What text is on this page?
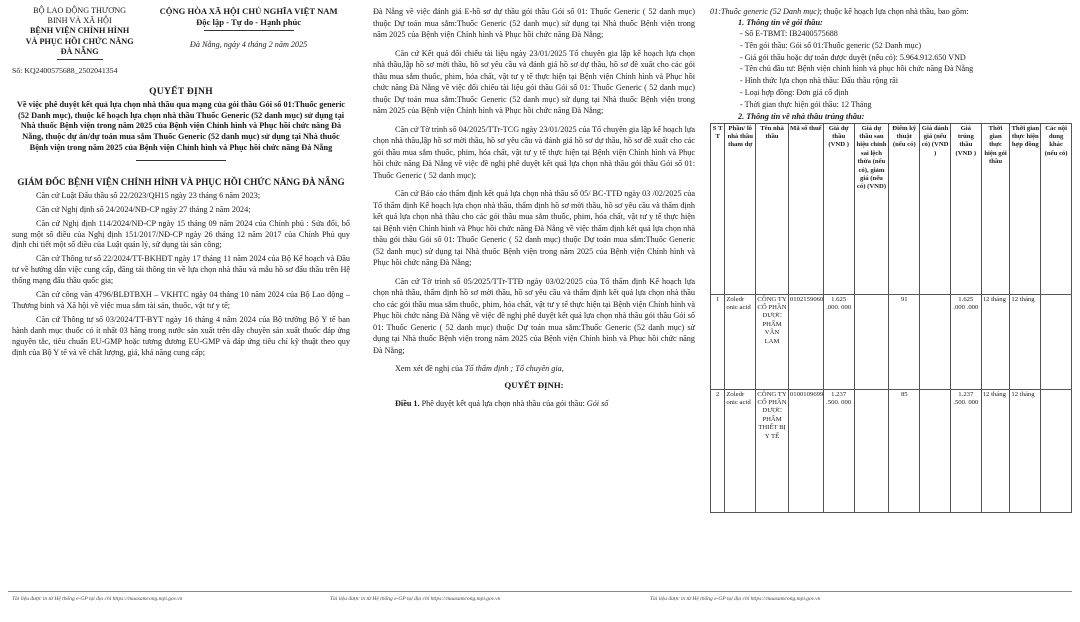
BỘ LAO ĐỘNG THƯƠNG
BINH VÀ XÃ HỘI
BỆNH VIỆN CHỈNH HÌNH
VÀ PHỤC HỒI CHỨC NĂNG
ĐÀ NẴNG
CỘNG HÒA XÃ HỘI CHỦ NGHĨA VIỆT NAM
Độc lập - Tự do - Hạnh phúc
Đà Nẵng, ngày 4 tháng 2 năm 2025
Số: KQ2400575688_2502041354
QUYẾT ĐỊNH
Về việc phê duyệt kết quả lựa chọn nhà thầu qua mạng của gói thầu Gói số 01:Thuốc generic (52 Danh mục), thuộc kế hoạch lựa chọn nhà thầu Thuốc Generic (52 danh mục) sử dụng tại Nhà thuốc Bệnh viện trong năm 2025 của Bệnh viện Chỉnh hình và Phục hồi chức năng Đà Nẵng, thuộc dự án/dự toán mua sắm Thuốc Generic (52 danh mục) sử dụng tại Nhà thuốc Bệnh viện trong năm 2025 của Bệnh viện Chỉnh hình và Phục hồi chức năng Đà Nẵng
GIÁM ĐỐC BỆNH VIỆN CHỈNH HÌNH VÀ PHỤC HỒI CHỨC NĂNG ĐÀ NẴNG

Căn cứ Luật Đấu thầu số 22/2023/QH15 ngày 23 tháng 6 năm 2023;

Căn cứ Nghị định số 24/2024/NĐ-CP ngày 27 tháng 2 năm 2024;

Căn cứ Nghị định 114/2024/NĐ-CP ngày 15 tháng 09 năm 2024 của Chính phủ : Sửa đổi, bổ sung một số điều của Nghị định 151/2017/NĐ-CP ngày 26 tháng 12 năm 2017 của Chính Phủ quy định chi tiết một số điều của Luật quản lý, sử dụng tài sản công;

Căn cứ Thông tư số 22/2024/TT-BKHĐT ngày 17 tháng 11 năm 2024 của Bộ Kế hoạch và Đầu tư về hướng dẫn việc cung cấp, đăng tải thông tin về lựa chọn nhà thầu và mẫu hồ sơ đấu thầu trên Hệ thống mạng đấu thầu quốc gia;

Căn cứ công văn 4796/BLĐTBXH – VKHTC ngày 04 tháng 10 năm 2024 của Bộ Lao động – Thương binh và Xã hội về việc mua sắm tài sản, thuốc, vật tư y tế;

Căn cứ Thông tư số 03/2024/TT-BYT ngày 16 tháng 4 năm 2024 của Bộ trưởng Bộ Y tế ban hành danh mục thuốc có ít nhất 03 hãng trong nước sản xuất trên dây chuyền sản xuất thuốc đáp ứng nguyên tắc, tiêu chuẩn EU-GMP hoặc tương đương EU-GMP và đáp ứng tiêu chí kỹ thuật theo quy định của Bộ Y tế và về chất lượng, giá, khả năng cung cấp;

Đà Nẵng về việc đánh giá E-hồ sơ dự thầu gói thầu Gói số 01: Thuốc Generic ( 52 danh mục) thuộc Dự toán mua sắm:Thuốc Generic (52 danh mục) sử dụng tại Nhà thuốc Bệnh viện trong năm 2025 của Bệnh viện Chỉnh hình và Phục hồi chức năng Đà Nẵng;

Căn cứ Kết quả đối chiếu tài liệu ngày 23/01/2025 Tổ chuyên gia lập kế hoạch lựa chọn nhà thầu,lập hồ sơ mời thầu, hồ sơ yêu cầu và đánh giá hồ sơ dự thầu, hồ sơ đề xuất cho các gói thầu mua sắm thuốc, phim, hóa chất, vật tư y tế thực hiện tại Bệnh viện Chỉnh hình và Phục hồi chức năng Đà Nẵng về việc đối chiếu tài liệu gói thầu Gói số 01: Thuốc Generic ( 52 danh mục) thuộc Dự toán mua sắm:Thuốc Generic (52 danh mục) sử dụng tại Nhà thuốc Bệnh viện trong năm 2025 của Bệnh viện Chỉnh hình và Phục hồi chức năng Đà Nẵng;

Căn cứ Tờ trình số 04/2025/TTr-TCG ngày 23/01/2025 của Tổ chuyên gia lập kế hoạch lựa chọn nhà thầu,lập hồ sơ mời thầu, hồ sơ yêu cầu và đánh giá hồ sơ dự thầu, hồ sơ đề xuất cho các gói thầu mua sắm thuốc, phim, hóa chất, vật tư y tế thực hiện tại Bệnh viện Chỉnh hình và Phục hồi chức năng Đà Nẵng về việc đề nghị phê duyệt kết quả lựa chọn nhà thầu gói thầu Gói số 01: Thuốc Generic ( 52 danh mục);

Căn cứ Báo cáo thẩm định kết quả lựa chọn nhà thầu số 05/ BC-TTĐ ngày 03 /02/2025 của Tổ thẩm định Kế hoạch lựa chọn nhà thầu, thẩm định hồ sơ mời thầu, hồ sơ yêu cầu và thẩm định kết quả lựa chọn nhà thầu cho các gói thầu mua sắm thuốc, phim, hóa chất, vật tư y tế thực hiện tại Bệnh viện Chỉnh hình và Phục hồi chức năng Đà Nẵng về việc thẩm định kết quả lựa chọn nhà thầu gói thầu Gói số 01: Thuốc Generic ( 52 danh mục) thuộc Dự toán mua sắm:Thuốc Generic (52 danh mục) sử dụng tại Nhà thuốc Bệnh viện trong năm 2025 của Bệnh viện Chỉnh hình và Phục hồi chức năng Đà Nẵng;

Căn cứ Tờ trình số 05/2025/TTr-TTĐ ngày 03/02/2025 của Tổ thẩm định Kế hoạch lựa chọn nhà thầu, thẩm định hồ sơ mời thầu, hồ sơ yêu cầu và thẩm định kết quả lựa chọn nhà thầu cho các gói thầu mua sắm thuốc, phim, hóa chất, vật tư y tế thực hiện tại Bệnh viện Chỉnh hình và Phục hồi chức năng Đà Nẵng về việc đề nghị phê duyệt kết quả lựa chọn nhà thầu gói thầu Gói số 01: Thuốc Generic ( 52 danh mục) thuộc Dự toán mua sắm:Thuốc Generic (52 danh mục) sử dụng tại Nhà thuốc Bệnh viện trong năm 2025 của Bệnh viện Chỉnh hình và Phục hồi chức năng Đà Nẵng;

Xem xét đề nghị của Tổ thẩm định ; Tổ chuyên gia,

QUYẾT ĐỊNH:

Điều 1. Phê duyệt kết quả lựa chọn nhà thầu của gói thầu: Gói số

01:Thuốc generic (52 Danh mục); thuộc kế hoạch lựa chọn nhà thầu, bao gồm:
1. Thông tin về gói thầu:
- Số E-TBMT: IB2400575688
- Tên gói thầu: Gói số 01:Thuốc generic (52 Danh mục)
- Giá gói thầu hoặc dự toán được duyệt (nếu có): 5.964.912.650 VND
- Tên chủ đầu tư: Bệnh viện chỉnh hình và phục hồi chức năng Đà Nẵng
- Hình thức lựa chọn nhà thầu: Đấu thầu rộng rãi
- Loại hợp đồng: Đơn giá cố định
- Thời gian thực hiện gói thầu: 12 Tháng
2. Thông tin về nhà thầu trúng thầu:
S T T	Phần/ lô nhà thầu tham dự	Tên nhà thầu	Mã số thuế	Giá dự thầu (VND )	Giá dự thầu sau hiệu chỉnh sai lệch thừa (nếu có), giảm giá (nếu có) (VND)	Điểm kỹ thuật (nếu có)	Giá đánh giá (nếu có) (VND )	Giá trúng thầu (VND )	Thời gian thực hiện gói thầu	Thời gian thực hiện hợp đồng	Các nội dung khác (nếu có)
1	Zoledr onic acid	CÔNG TY CỔ PHẦN DƯỢC PHẨM VÂN LAM	0102159060	1.625 .000. 000		91		1.625 .000 .000	12 tháng	12 tháng	
2	Zoledr onic acid	CÔNG TY CỔ PHẦN DƯỢC PHẨM THIẾT BỊ Y TẾ	0100109699	1.237 .500. 000		85		1.237 .500. 000	12 tháng	12 tháng	
Tài liệu được in từ Hệ thống e-GP tại địa chỉ https://muasamcong.mpi.gov.vn	Tài liệu được in từ Hệ thống e-GP tại địa chỉ https://muasamcong.mpi.gov.vn	Tài liệu được in từ Hệ thống e-GP tại địa chỉ https://muasamcong.mpi.gov.vn
